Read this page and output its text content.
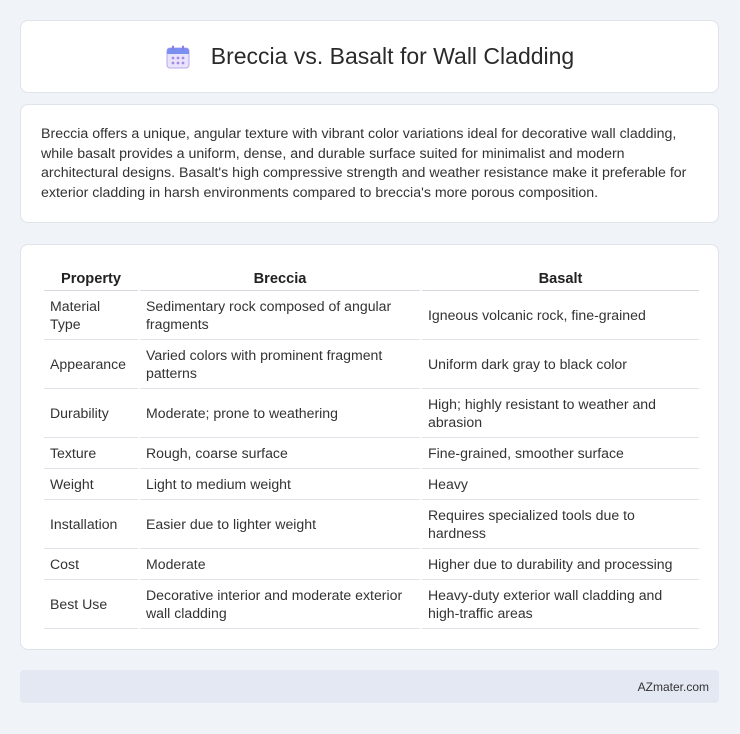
Breccia vs. Basalt for Wall Cladding

Breccia offers a unique, angular texture with vibrant color variations ideal for decorative wall cladding, while basalt provides a uniform, dense, and durable surface suited for minimalist and modern architectural designs. Basalt's high compressive strength and weather resistance make it preferable for exterior cladding in harsh environments compared to breccia's more porous composition.

Property	Breccia	Basalt
Material Type	Sedimentary rock composed of angular fragments	Igneous volcanic rock, fine-grained
Appearance	Varied colors with prominent fragment patterns	Uniform dark gray to black color
Durability	Moderate; prone to weathering	High; highly resistant to weather and abrasion
Texture	Rough, coarse surface	Fine-grained, smoother surface
Weight	Light to medium weight	Heavy
Installation	Easier due to lighter weight	Requires specialized tools due to hardness
Cost	Moderate	Higher due to durability and processing
Best Use	Decorative interior and moderate exterior wall cladding	Heavy-duty exterior wall cladding and high-traffic areas
AZmater.com
